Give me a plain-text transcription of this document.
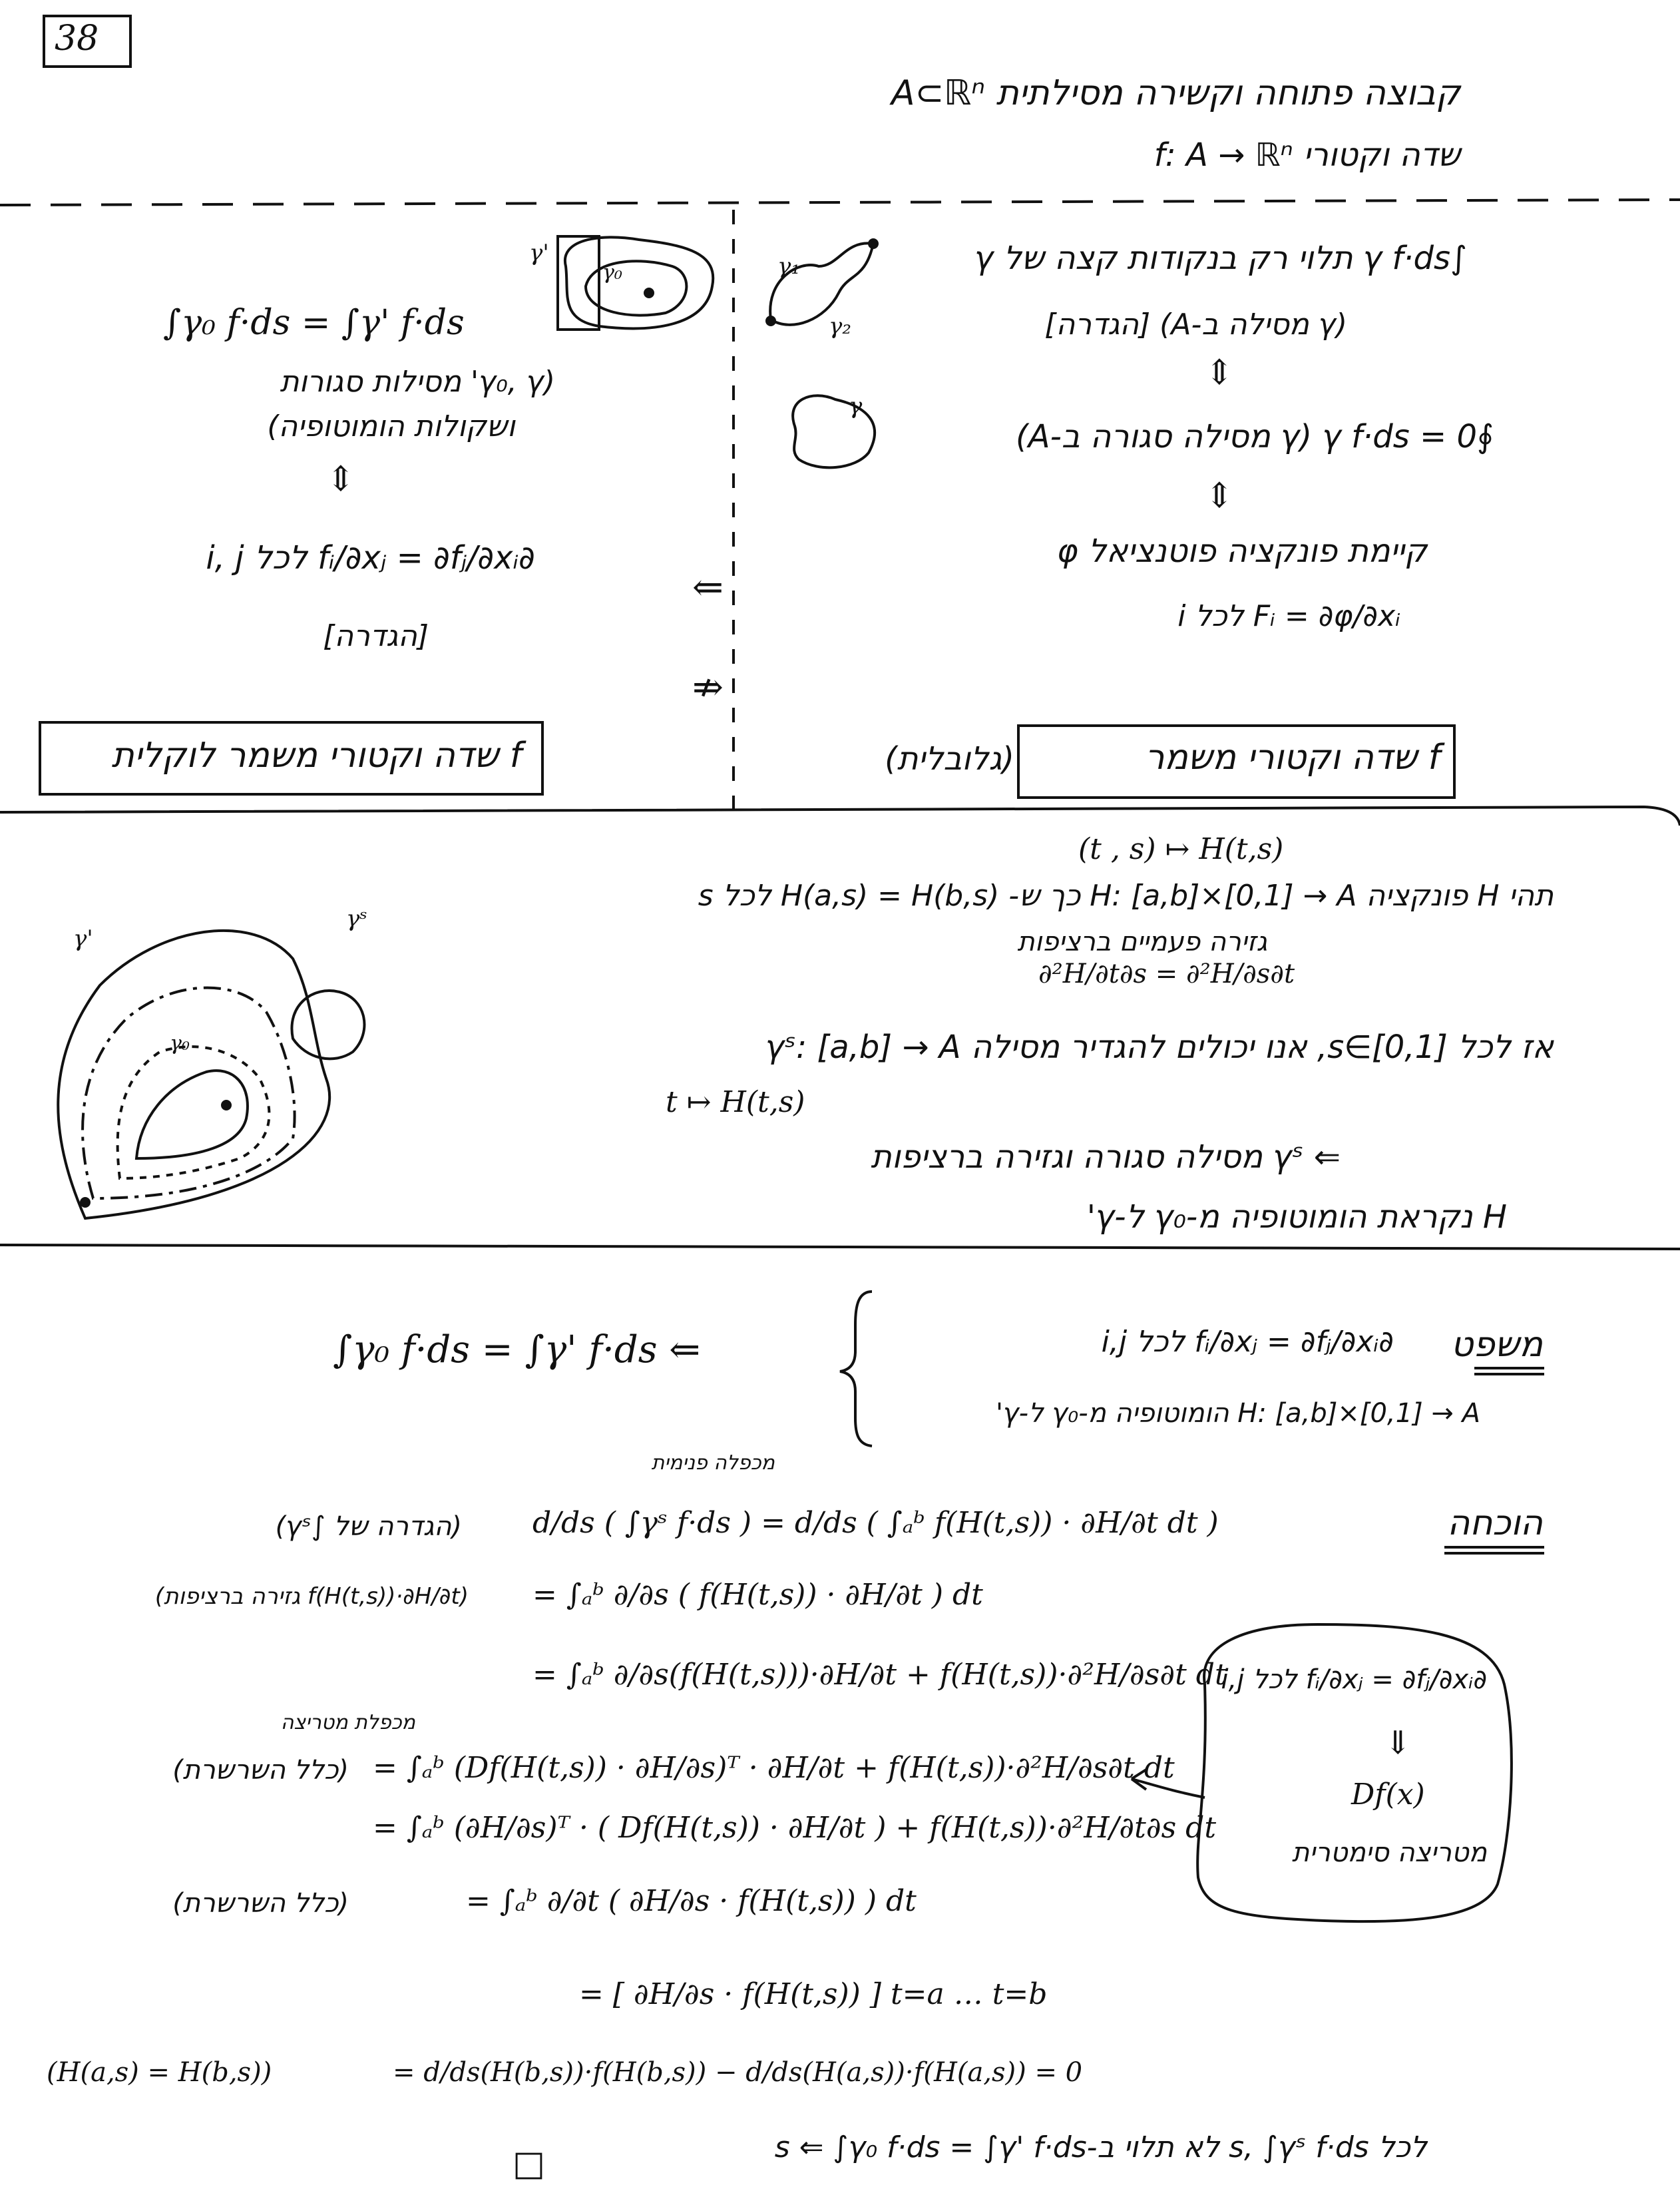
38
קבוצה פתוחה וקשירה מסילתית A⊂ℝⁿ
שדה וקטורי f: A → ℝⁿ
γ₁
γ₂
γ
∫γ f·ds תלוי רק בנקודות קצה של γ
(γ מסילה ב-A) [הגדרה]
⇕
∮γ f·ds = 0 (γ מסילה סגורה ב-A)
⇕
קיימת פונקציה פוטנציאל φ
Fᵢ = ∂φ/∂xᵢ לכל i
f שדה וקטורי משמר
(גלובלית)
γ'
γ₀
∫γ₀ f·ds = ∫γ' f·ds
(γ₀, γ' מסילות סגורות
ושקולות הומוטופיה)
⇕
∂fᵢ/∂xⱼ = ∂fⱼ/∂xᵢ לכל i, j
[הגדרה]
f שדה וקטורי משמר לוקלית
⇐
⇏
γ'
γˢ
γ₀
(t , s) ↦ H(t,s)
תהי H פונקציה H: [a,b]×[0,1] → A כך ש- H(a,s) = H(b,s) לכל s
גזירה פעמיים ברציפות
∂²H/∂t∂s = ∂²H/∂s∂t
אז לכל s∈[0,1], אנו יכולים להגדיר מסילה γˢ: [a,b] → A
t ↦ H(t,s)
⇐ γˢ מסילה סגורה וגזירה ברציפות
H נקראת הומוטופיה מ-γ₀ ל-γ'
∫γ₀ f·ds = ∫γ' f·ds ⇐	∂fᵢ/∂xⱼ = ∂fⱼ/∂xᵢ לכל i,j
H: [a,b]×[0,1] → A הומוטופיה מ-γ₀ ל-γ'
משפט
הוכחה
מכפלה פנימית
מכפלת מטריצה
d/ds ( ∫γˢ f·ds ) = d/ds ( ∫ₐᵇ f(H(t,s)) · ∂H/∂t dt )
(הגדרה של ∫γˢ)
= ∫ₐᵇ ∂/∂s ( f(H(t,s)) · ∂H/∂t ) dt
(f(H(t,s))·∂H/∂t גזירה ברציפות)
= ∫ₐᵇ ∂/∂s(f(H(t,s)))·∂H/∂t + f(H(t,s))·∂²H/∂s∂t dt
= ∫ₐᵇ (Df(H(t,s)) · ∂H/∂s)ᵀ · ∂H/∂t + f(H(t,s))·∂²H/∂s∂t dt
(כלל השרשרת)
= ∫ₐᵇ (∂H/∂s)ᵀ · ( Df(H(t,s)) · ∂H/∂t ) + f(H(t,s))·∂²H/∂t∂s dt
= ∫ₐᵇ ∂/∂t ( ∂H/∂s · f(H(t,s)) ) dt
(כלל השרשרת)
= [ ∂H/∂s · f(H(t,s)) ] t=a … t=b
= d/ds(H(b,s))·f(H(b,s)) − d/ds(H(a,s))·f(H(a,s)) = 0
(H(a,s) = H(b,s))
לכל s, ∫γˢ f·ds לא תלוי ב-s ⇐ ∫γ₀ f·ds = ∫γ' f·ds
□
∂fᵢ/∂xⱼ = ∂fⱼ/∂xᵢ לכל i,j
⇓
Df(x)
מטריצה סימטרית
